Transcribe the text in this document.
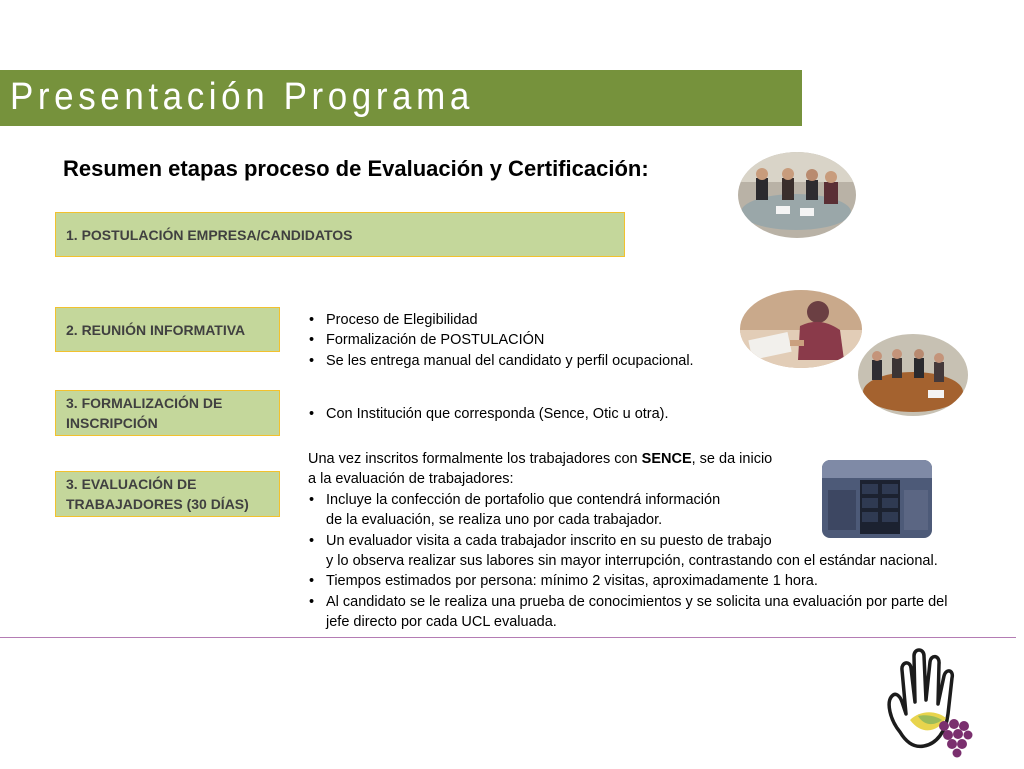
Presentación Programa
Resumen etapas proceso de Evaluación y Certificación:
1. POSTULACIÓN EMPRESA/CANDIDATOS
2. REUNIÓN INFORMATIVA
3. FORMALIZACIÓN DE
INSCRIPCIÓN
3. EVALUACIÓN DE
TRABAJADORES (30 DÍAS)
• Proceso de Elegibilidad
• Formalización de POSTULACIÓN
• Se les entrega manual del candidato y perfil ocupacional.
• Con Institución que corresponda (Sence, Otic u otra).

Una vez inscritos formalmente los trabajadores con SENCE, se da inicio

a la evaluación de trabajadores:

• Incluye la confección de portafolio que contendrá información
de la evaluación, se realiza uno por cada trabajador.
• Un evaluador visita a cada trabajador inscrito en su puesto de trabajo
y lo observa realizar sus labores sin mayor interrupción, contrastando con el estándar nacional.
• Tiempos estimados por persona: mínimo 2 visitas, aproximadamente 1 hora.
• Al candidato se le realiza una prueba de conocimientos y se solicita una evaluación por parte del
jefe directo por cada UCL evaluada.
